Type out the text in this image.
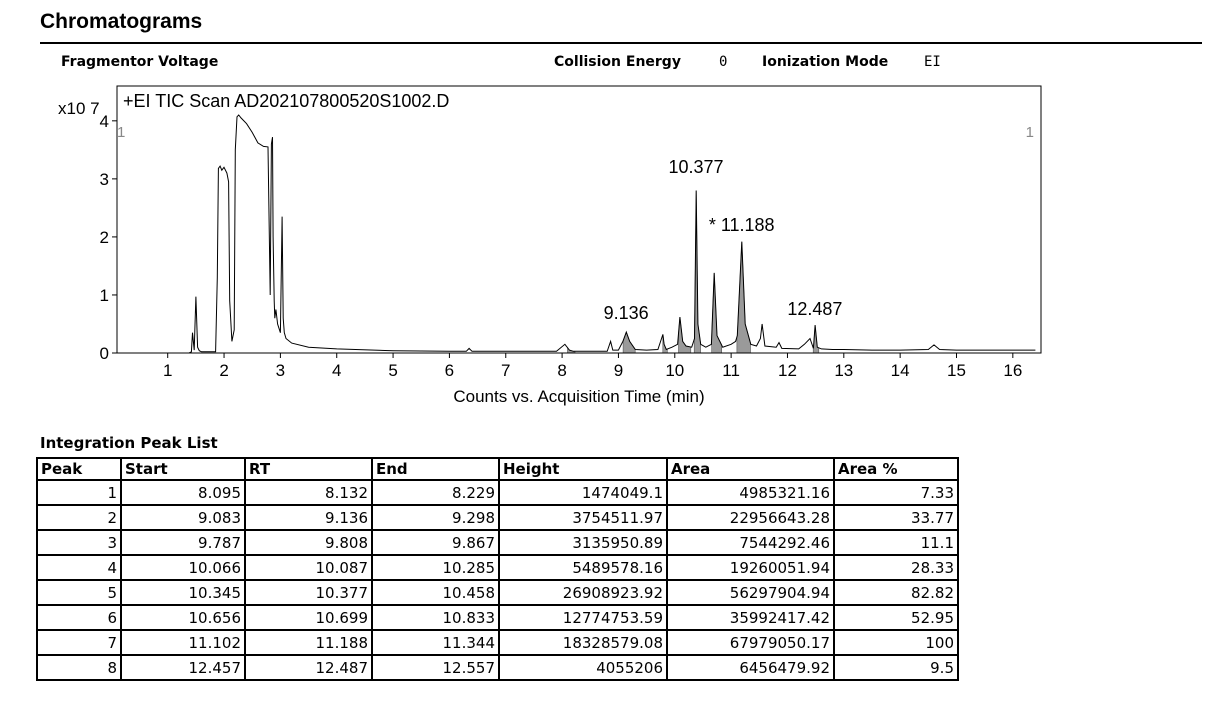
Chromatograms
Fragmentor Voltage	Collision Energy	0 Ionization Mode	EI
1	2	3	4	5	6	7	8	9 10 11 12 13 14 15 16
0
1
2
3
4
x10 7 +EI TIC Scan AD202107800520S1002.D
1	1
10.377
* 11.188
9.136	12.487
Counts vs. Acquisition Time (min)
Integration Peak List
Peak	Start	RT	End	Height	Area	Area %
1	8.095	8.132	8.229	1474049.1	4985321.16	7.33
2	9.083	9.136	9.298	3754511.97	22956643.28	33.77
3	9.787	9.808	9.867	3135950.89	7544292.46	11.1
4	10.066	10.087	10.285	5489578.16	19260051.94	28.33
5	10.345	10.377	10.458	26908923.92	56297904.94	82.82
6	10.656	10.699	10.833	12774753.59	35992417.42	52.95
7	11.102	11.188	11.344	18328579.08	67979050.17	100
8	12.457	12.487	12.557	4055206	6456479.92	9.5
